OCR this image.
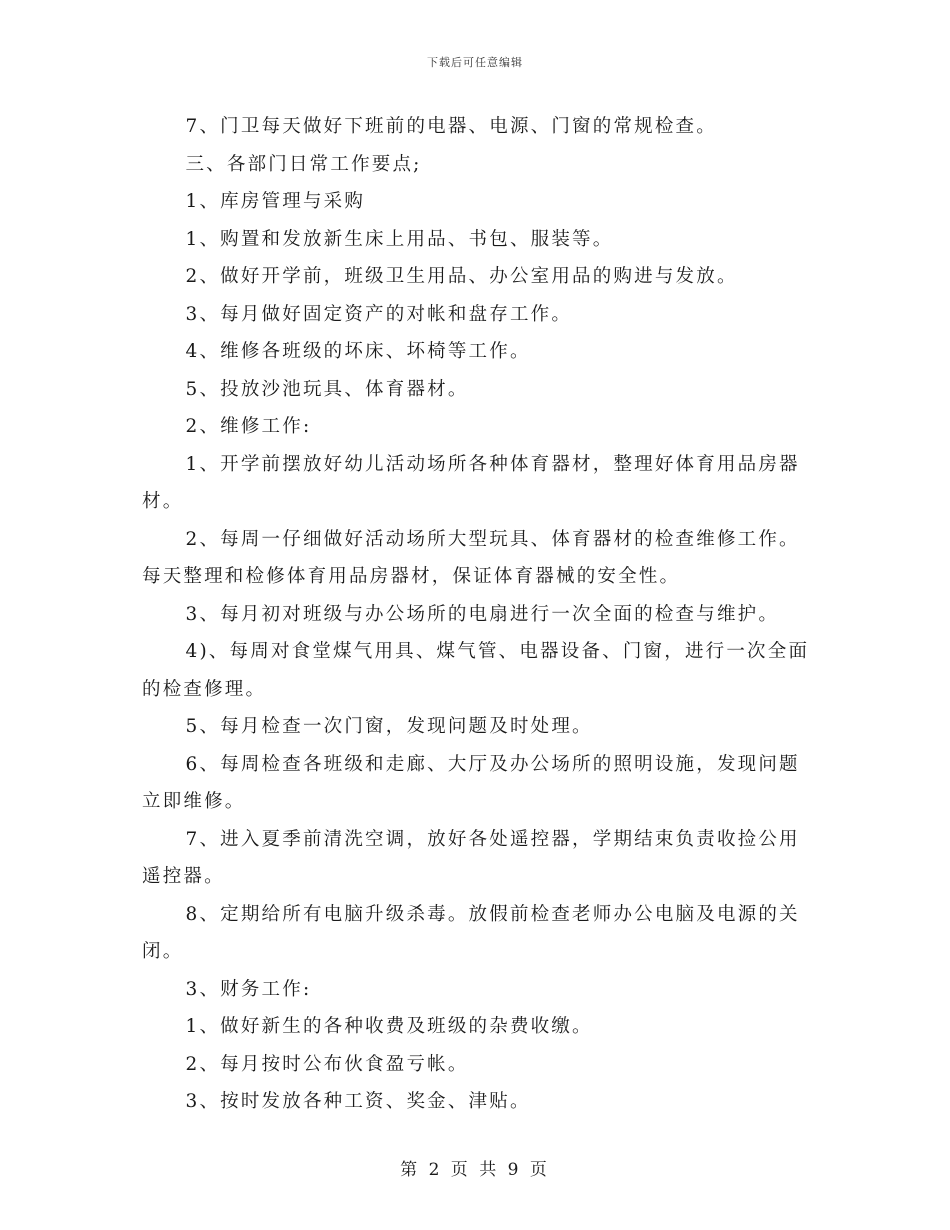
下载后可任意编辑

7、门卫每天做好下班前的电器、电源、门窗的常规检查。

三、各部门日常工作要点;

1、库房管理与采购

1、购置和发放新生床上用品、书包、服装等。

2、做好开学前，班级卫生用品、办公室用品的购进与发放。

3、每月做好固定资产的对帐和盘存工作。

4、维修各班级的坏床、坏椅等工作。

5、投放沙池玩具、体育器材。

2、维修工作:

1、开学前摆放好幼儿活动场所各种体育器材，整理好体育用品房器材。

2、每周一仔细做好活动场所大型玩具、体育器材的检查维修工作。每天整理和检修体育用品房器材，保证体育器械的安全性。

3、每月初对班级与办公场所的电扇进行一次全面的检查与维护。

4)、每周对食堂煤气用具、煤气管、电器设备、门窗，进行一次全面的检查修理。

5、每月检查一次门窗，发现问题及时处理。

6、每周检查各班级和走廊、大厅及办公场所的照明设施，发现问题立即维修。

7、进入夏季前清洗空调，放好各处遥控器，学期结束负责收捡公用遥控器。

8、定期给所有电脑升级杀毒。放假前检查老师办公电脑及电源的关闭。

3、财务工作:

1、做好新生的各种收费及班级的杂费收缴。

2、每月按时公布伙食盈亏帐。

3、按时发放各种工资、奖金、津贴。

第 2 页 共 9 页
